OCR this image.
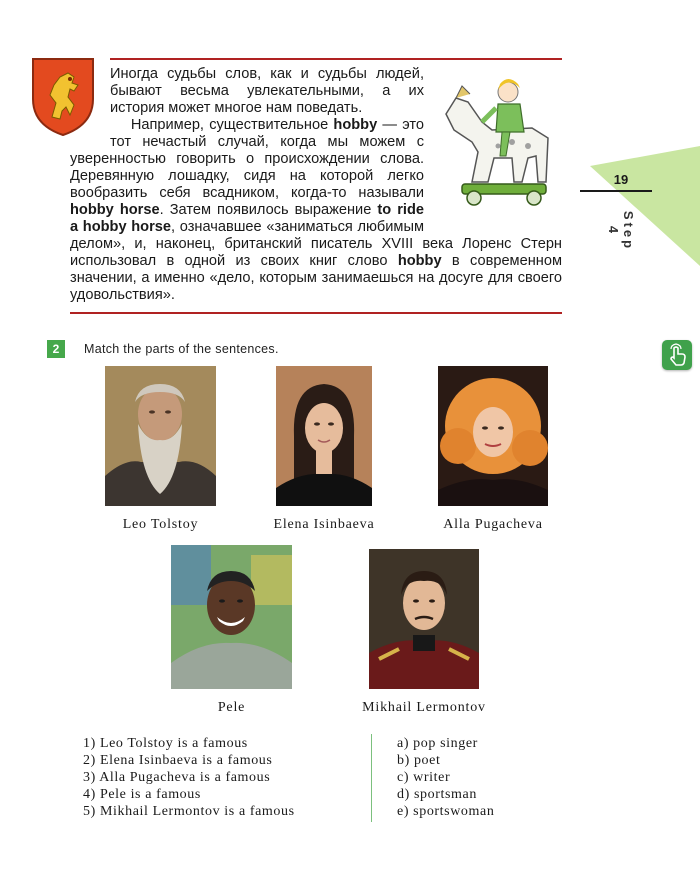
Иногда судьбы слов, как и судьбы людей, бывают весьма увлекательными, а их история может многое нам поведать.
Например, существительное hobby — это тот нечастый случай, когда мы можем с уверенностью говорить о происхождении слова. Деревянную лошадку, сидя на которой легко вообразить себя всадником, когда-то называли hobby horse. Затем появилось выражение to ride a hobby horse, означавшее «заниматься любимым делом», и, наконец, британский писатель XVIII века Лоренс Стерн использовал в одной из своих книг слово hobby в современном значении, а именно «дело, которым занимаешься на досуге для своего удовольствия».

19
Step 4
2	Match the parts of the sentences.
Leo Tolstoy	Elena Isinbaeva	Alla Pugacheva
Pele	Mikhail Lermontov
1) Leo Tolstoy is a famous
2) Elena Isinbaeva is a famous
3) Alla Pugacheva is a famous
4) Pele is a famous
5) Mikhail Lermontov is a famous
a) pop singer
b) poet
c) writer
d) sportsman
e) sportswoman
